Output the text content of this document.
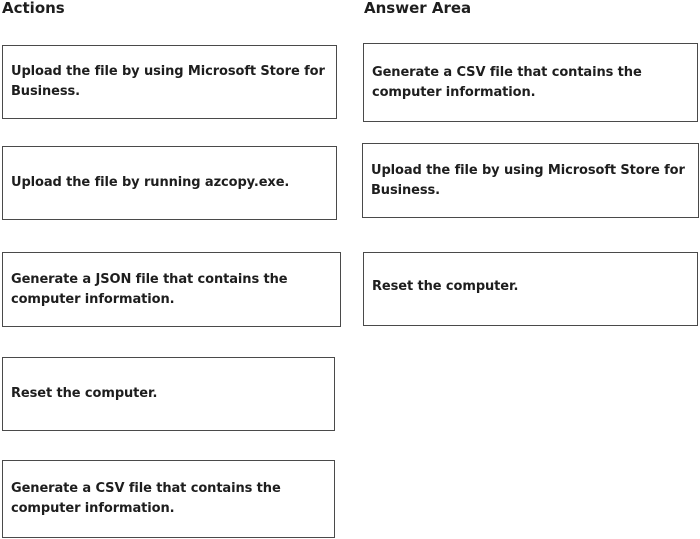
Actions	Answer Area
Upload the file by using Microsoft Store for Business.
Upload the file by running azcopy.exe.
Generate a JSON file that contains the computer information.
Reset the computer.
Generate a CSV file that contains the computer information.
Generate a CSV file that contains the computer information.
Upload the file by using Microsoft Store for Business.
Reset the computer.
